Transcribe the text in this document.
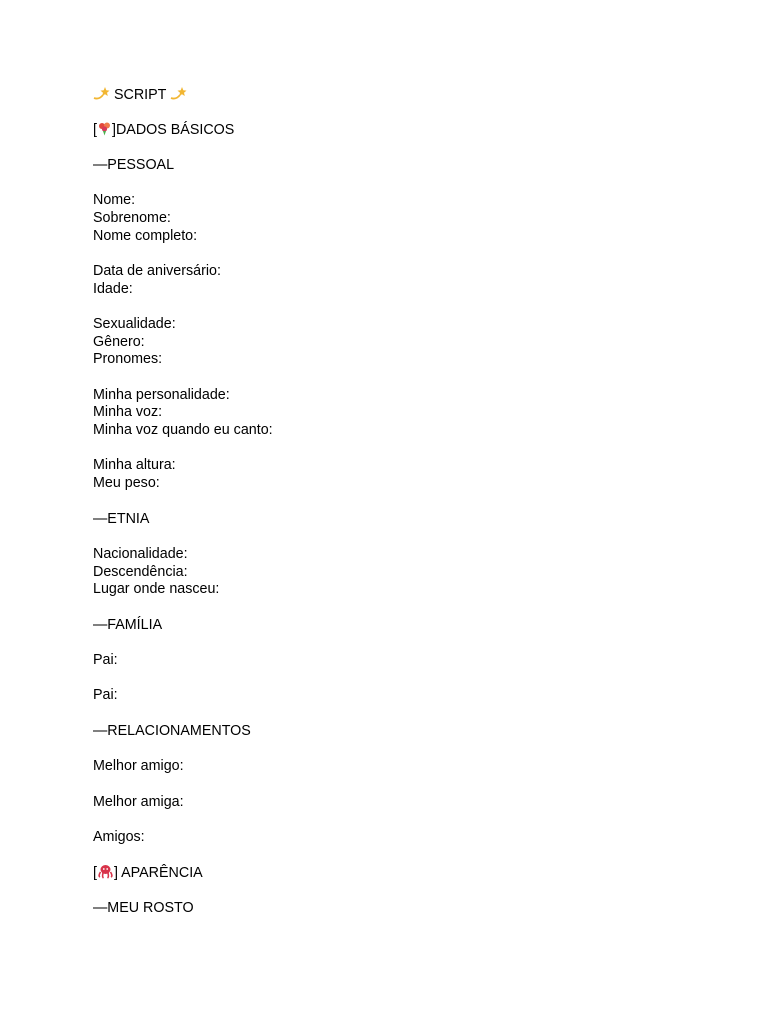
SCRIPT
[ ]DADOS BÁSICOS
—PESSOAL
Nome:
Sobrenome:
Nome completo:
Data de aniversário:
Idade:
Sexualidade:
Gênero:
Pronomes:
Minha personalidade:
Minha voz:
Minha voz quando eu canto:
Minha altura:
Meu peso:
—ETNIA
Nacionalidade:
Descendência:
Lugar onde nasceu:
—FAMÍLIA
Pai:
Pai:
—RELACIONAMENTOS
Melhor amigo:
Melhor amiga:
Amigos:
[ ] APARÊNCIA
—MEU ROSTO
